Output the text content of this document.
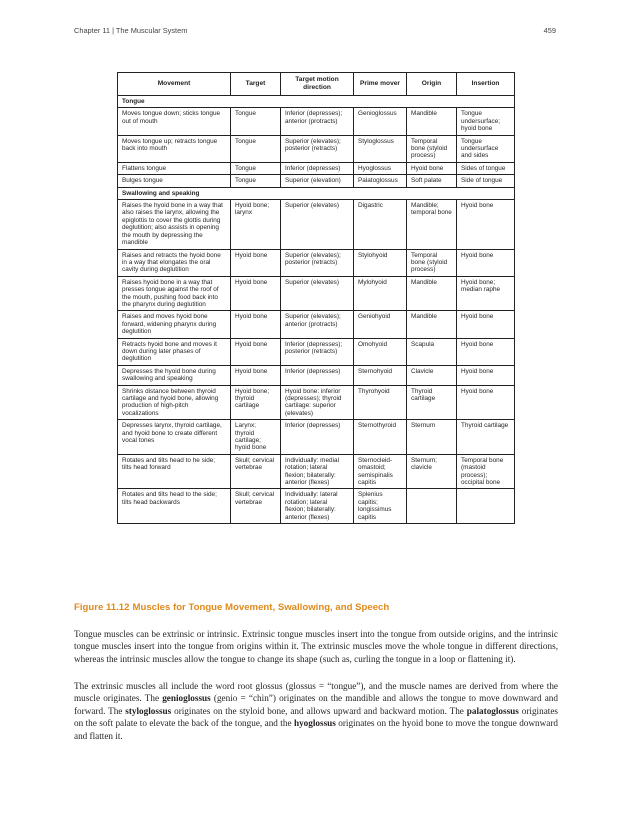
Chapter 11 | The Muscular System	459
Movement	Target	Target motion direction	Prime mover	Origin	Insertion
Tongue					
Moves tongue down; sticks tongue out of mouth	Tongue	Inferior (depresses); anterior (protracts)	Genioglossus	Mandible	Tongue undersurface; hyoid bone
Moves tongue up; retracts tongue back into mouth	Tongue	Superior (elevates); posterior (retracts)	Styloglossus	Temporal bone (styloid process)	Tongue undersurface and sides
Flattens tongue	Tongue	Inferior (depresses)	Hyoglossus	Hyoid bone	Sides of tongue
Bulges tongue	Tongue	Superior (elevation)	Palatoglossus	Soft palate	Side of tongue
Swallowing and speaking					
Raises the hyoid bone in a way that also raises the larynx, allowing the epiglottis to cover the glottis during deglutition; also assists in opening the mouth by depressing the mandible	Hyoid bone; larynx	Superior (elevates)	Digastric	Mandible; temporal bone	Hyoid bone
Raises and retracts the hyoid bone in a way that elongates the oral cavity during deglutition	Hyoid bone	Superior (elevates); posterior (retracts)	Stylohyoid	Temporal bone (styloid process)	Hyoid bone
Raises hyoid bone in a way that presses tongue against the roof of the mouth, pushing food back into the pharynx during deglutition	Hyoid bone	Superior (elevates)	Mylohyoid	Mandible	Hyoid bone; median raphe
Raises and moves hyoid bone forward, widening pharynx during deglutition	Hyoid bone	Superior (elevates); anterior (protracts)	Geniohyoid	Mandible	Hyoid bone
Retracts hyoid bone and moves it down during later phases of deglutition	Hyoid bone	Inferior (depresses); posterior (retracts)	Omohyoid	Scapula	Hyoid bone
Depresses the hyoid bone during swallowing and speaking	Hyoid bone	Inferior (depresses)	Sternohyoid	Clavicle	Hyoid bone
Shrinks distance between thyroid cartilage and hyoid bone, allowing production of high-pitch vocalizations	Hyoid bone; thyroid cartilage	Hyoid bone: inferior (depresses); thyroid cartilage: superior (elevates)	Thyrohyoid	Thyroid cartilage	Hyoid bone
Depresses larynx, thyroid cartilage, and hyoid bone to create different vocal tones	Larynx; thyroid cartilage; hyoid bone	Inferior (depresses)	Sternothyroid	Sternum	Thyroid cartilage
Rotates and tilts head to he side; tilts head forward	Skull; cervical vertebrae	Individually: medial rotation; lateral flexion; bilaterally: anterior (flexes)	Sternocleid-omastoid; semispinalis capitis	Sternum; clavicle	Temporal bone (mastoid process); occipital bone
Rotates and tilts head to the side; tilts head backwards	Skull; cervical vertebrae	Individually: lateral rotation; lateral flexion; bilaterally: anterior (flexes)	Splenius capitis; longissimus capitis		
Figure 11.12 Muscles for Tongue Movement, Swallowing, and Speech
Tongue muscles can be extrinsic or intrinsic. Extrinsic tongue muscles insert into the tongue from outside origins, and the intrinsic tongue muscles insert into the tongue from origins within it. The extrinsic muscles move the whole tongue in different directions, whereas the intrinsic muscles allow the tongue to change its shape (such as, curling the tongue in a loop or flattening it).
The extrinsic muscles all include the word root glossus (glossus = “tongue”), and the muscle names are derived from where the muscle originates. The genioglossus (genio = “chin”) originates on the mandible and allows the tongue to move downward and forward. The styloglossus originates on the styloid bone, and allows upward and backward motion. The palatoglossus originates on the soft palate to elevate the back of the tongue, and the hyoglossus originates on the hyoid bone to move the tongue downward and flatten it.
